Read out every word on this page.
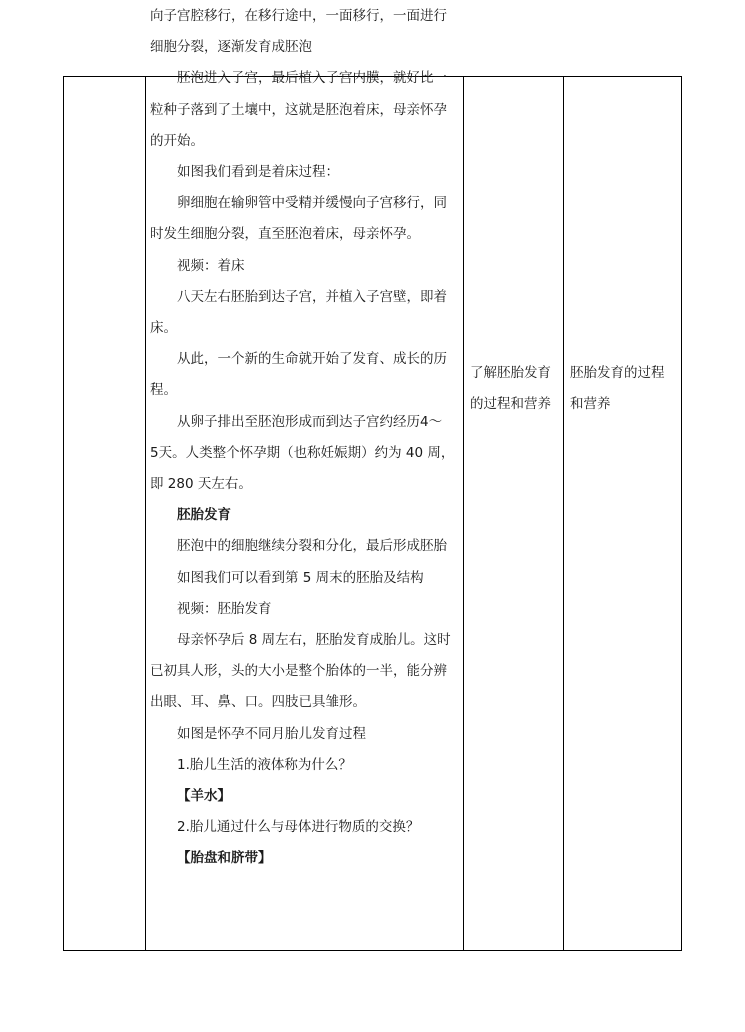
向子宫腔移行，在移行途中，一面移行，一面进行

细胞分裂，逐渐发育成胚泡

胚泡进入子宫，最后植入子宫内膜，就好比一

粒种子落到了土壤中，这就是胚泡着床，母亲怀孕

的开始。

如图我们看到是着床过程：

卵细胞在输卵管中受精并缓慢向子宫移行，同

时发生细胞分裂，直至胚泡着床，母亲怀孕。

视频：着床

八天左右胚胎到达子宫，并植入子宫壁，即着

床。

从此，一个新的生命就开始了发育、成长的历

程。

从卵子排出至胚泡形成而到达子宫约经历4～

5天。人类整个怀孕期（也称妊娠期）约为 40 周，

即 280 天左右。

胚胎发育

胚泡中的细胞继续分裂和分化，最后形成胚胎

如图我们可以看到第 5 周末的胚胎及结构

视频：胚胎发育

母亲怀孕后 8 周左右，胚胎发育成胎儿。这时

已初具人形，头的大小是整个胎体的一半，能分辨

出眼、耳、鼻、口。四肢已具雏形。

如图是怀孕不同月胎儿发育过程

1.胎儿生活的液体称为什么？

【羊水】

2.胎儿通过什么与母体进行物质的交换？

【胎盘和脐带】

了解胚胎发育

的过程和营养

胚胎发育的过程

和营养
